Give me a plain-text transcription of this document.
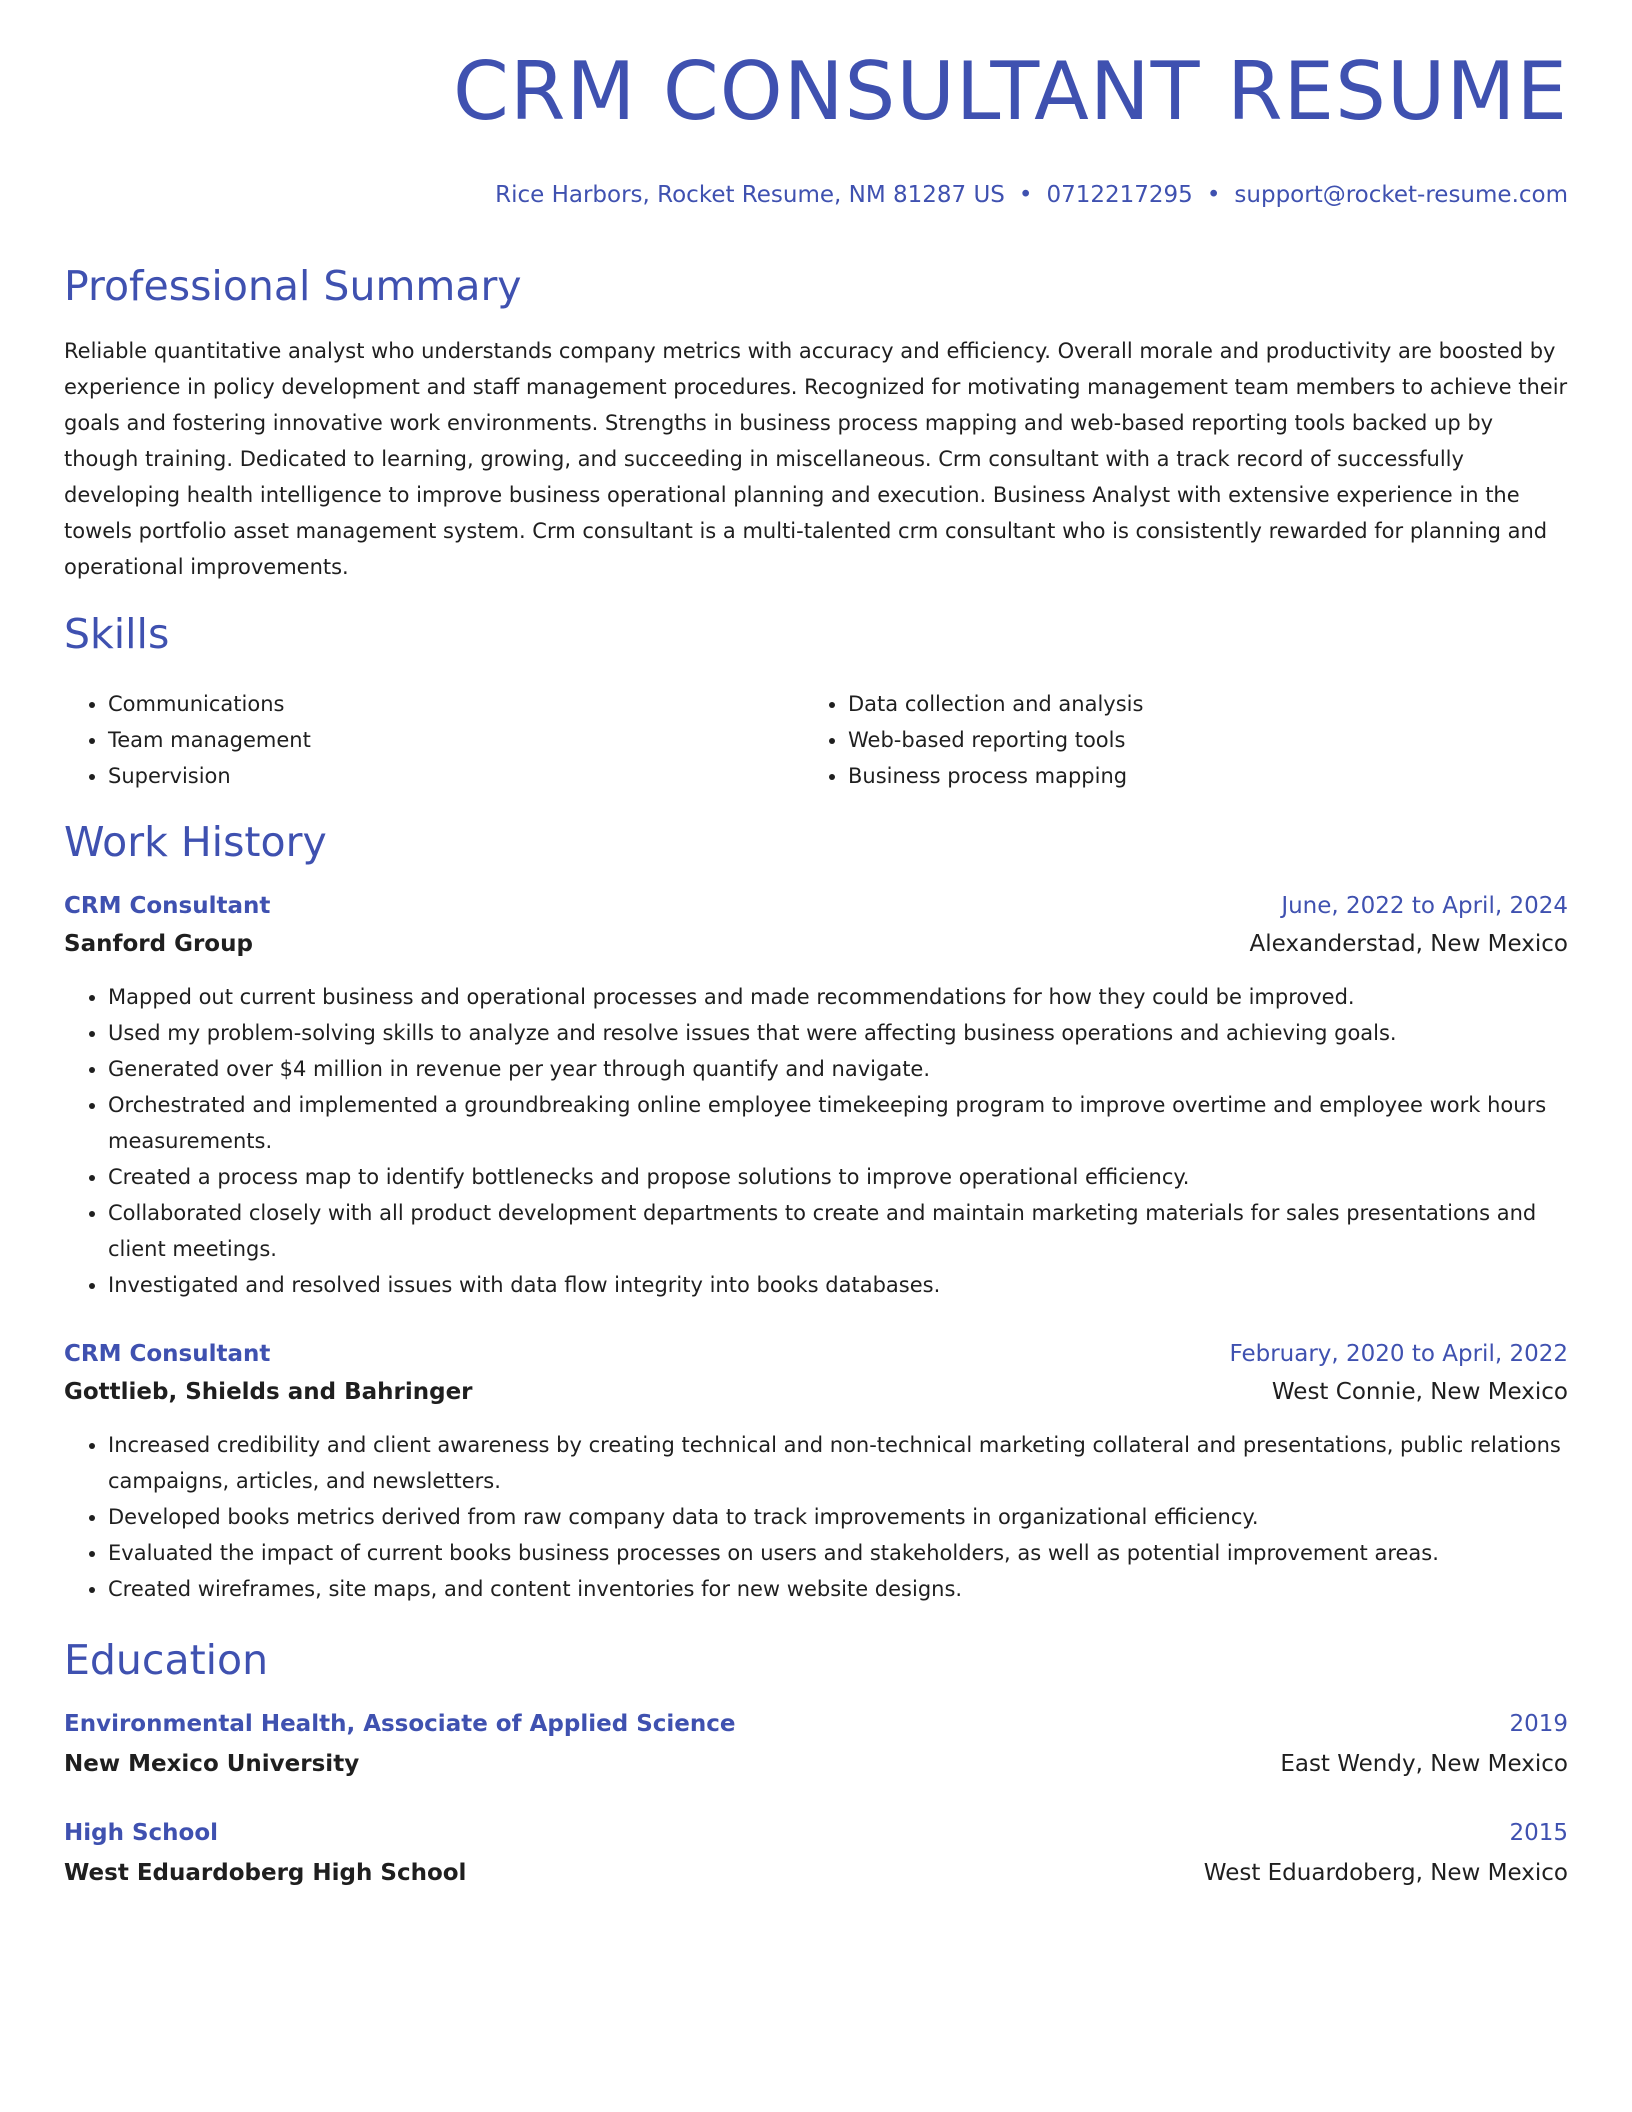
CRM CONSULTANT RESUME
Rice Harbors, Rocket Resume, NM 81287 US • 0712217295 • support@rocket-resume.com
Professional Summary

Reliable quantitative analyst who understands company metrics with accuracy and efficiency. Overall morale and productivity are boosted by experience in policy development and staff management procedures. Recognized for motivating management team members to achieve their goals and fostering innovative work environments. Strengths in business process mapping and web-based reporting tools backed up by though training. Dedicated to learning, growing, and succeeding in miscellaneous. Crm consultant with a track record of successfully developing health intelligence to improve business operational planning and execution. Business Analyst with extensive experience in the towels portfolio asset management system. Crm consultant is a multi-talented crm consultant who is consistently rewarded for planning and operational improvements.

Skills
• Communications
• Team management
• Supervision
• Data collection and analysis
• Web-based reporting tools
• Business process mapping
Work History
CRM Consultant	June, 2022 to April, 2024
Sanford Group	Alexanderstad, New Mexico
• Mapped out current business and operational processes and made recommendations for how they could be improved.
• Used my problem-solving skills to analyze and resolve issues that were affecting business operations and achieving goals.
• Generated over $4 million in revenue per year through quantify and navigate.
• Orchestrated and implemented a groundbreaking online employee timekeeping program to improve overtime and employee work hours measurements.
• Created a process map to identify bottlenecks and propose solutions to improve operational efficiency.
• Collaborated closely with all product development departments to create and maintain marketing materials for sales presentations and client meetings.
• Investigated and resolved issues with data flow integrity into books databases.
CRM Consultant	February, 2020 to April, 2022
Gottlieb, Shields and Bahringer	West Connie, New Mexico
• Increased credibility and client awareness by creating technical and non-technical marketing collateral and presentations, public relations campaigns, articles, and newsletters.
• Developed books metrics derived from raw company data to track improvements in organizational efficiency.
• Evaluated the impact of current books business processes on users and stakeholders, as well as potential improvement areas.
• Created wireframes, site maps, and content inventories for new website designs.
Education
Environmental Health, Associate of Applied Science	2019
New Mexico University	East Wendy, New Mexico
High School	2015
West Eduardoberg High School	West Eduardoberg, New Mexico
